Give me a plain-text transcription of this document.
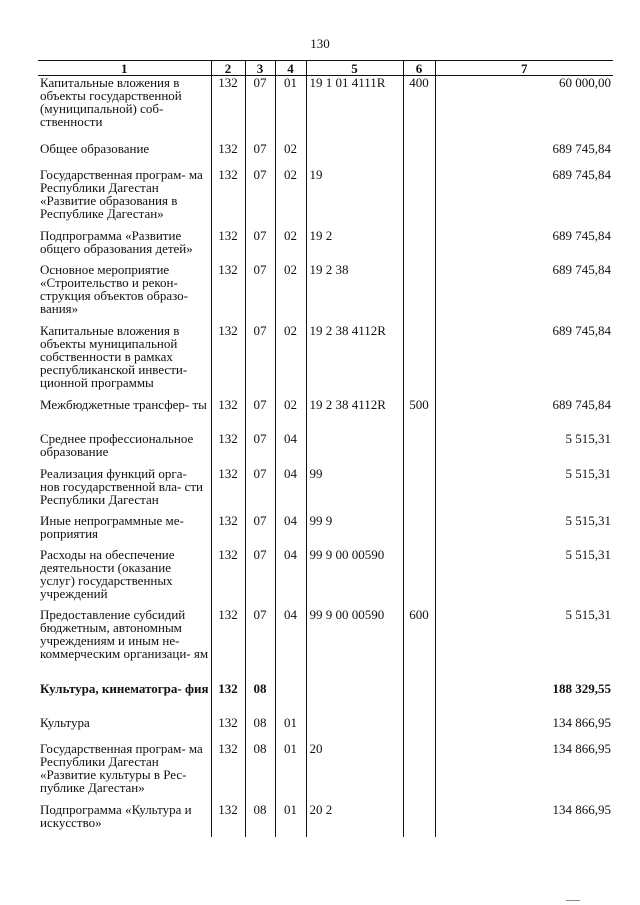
130
1	2	3	4	5	6	7
Капитальные вложения в объекты государственной (муниципальной) соб- ственности	132	07	01	19 1 01 4111R	400	60 000,00
Общее образование	132	07	02			689 745,84
Государственная програм- ма Республики Дагестан «Развитие образования в Республике Дагестан»	132	07	02	19		689 745,84
Подпрограмма «Развитие общего образования детей»	132	07	02	19 2		689 745,84
Основное мероприятие «Строительство и рекон- струкция объектов образо- вания»	132	07	02	19 2 38		689 745,84
Капитальные вложения в объекты муниципальной собственности в рамках республиканской инвести- ционной программы	132	07	02	19 2 38 4112R		689 745,84
Межбюджетные трансфер- ты	132	07	02	19 2 38 4112R	500	689 745,84
Среднее профессиональное образование	132	07	04			5 515,31
Реализация функций орга- нов государственной вла- сти Республики Дагестан	132	07	04	99		5 515,31
Иные непрограммные ме- роприятия	132	07	04	99 9		5 515,31
Расходы на обеспечение деятельности (оказание услуг) государственных учреждений	132	07	04	99 9 00 00590		5 515,31
Предоставление субсидий бюджетным, автономным учреждениям и иным не- коммерческим организаци- ям	132	07	04	99 9 00 00590	600	5 515,31
Культура, кинематогра- фия	132	08				188 329,55
Культура	132	08	01			134 866,95
Государственная програм- ма Республики Дагестан «Развитие культуры в Рес- публике Дагестан»	132	08	01	20		134 866,95
Подпрограмма «Культура и искусство»	132	08	01	20 2		134 866,95
